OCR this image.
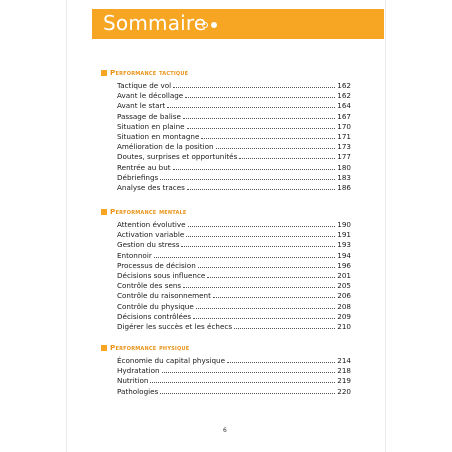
Sommaire
Performance tactique
Tactique de vol	162
Avant le décollage	162
Avant le start	164
Passage de balise	167
Situation en plaine	170
Situation en montagne	171
Amélioration de la position	173
Doutes, surprises et opportunités	177
Rentrée au but	180
Débriefings	183
Analyse des traces	186
Performance mentale
Attention évolutive	190
Activation variable	191
Gestion du stress	193
Entonnoir	194
Processus de décision	196
Décisions sous influence	201
Contrôle des sens	205
Contrôle du raisonnement	206
Contrôle du physique	208
Décisions contrôlées	209
Digérer les succès et les échecs	210
Performance physique
Économie du capital physique	214
Hydratation	218
Nutrition	219
Pathologies	220
6
